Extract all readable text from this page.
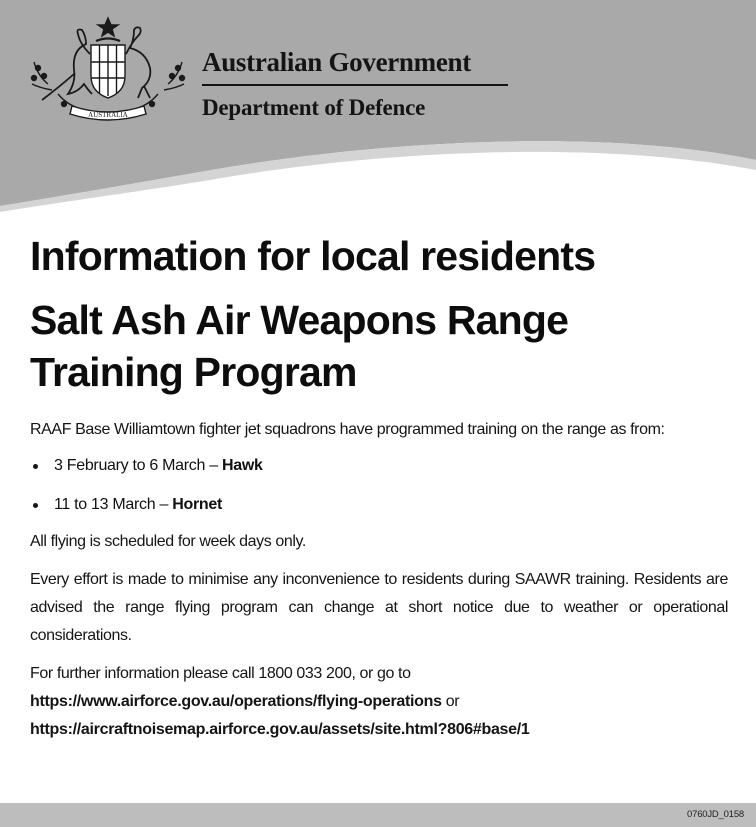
AUSTRALIA
Australian Government
Department of Defence
Information for local residents
Salt Ash Air Weapons Range
Training Program

RAAF Base Williamtown fighter jet squadrons have programmed training on the range as from:

3 February to 6 March – Hawk
11 to 13 March – Hornet

All flying is scheduled for week days only.

Every effort is made to minimise any inconvenience to residents during SAAWR training. Residents are advised the range flying program can change at short notice due to weather or operational considerations.

For further information please call 1800 033 200, or go to
https://www.airforce.gov.au/operations/flying-operations or
https://aircraftnoisemap.airforce.gov.au/assets/site.html?806#base/1

0760JD_0158
